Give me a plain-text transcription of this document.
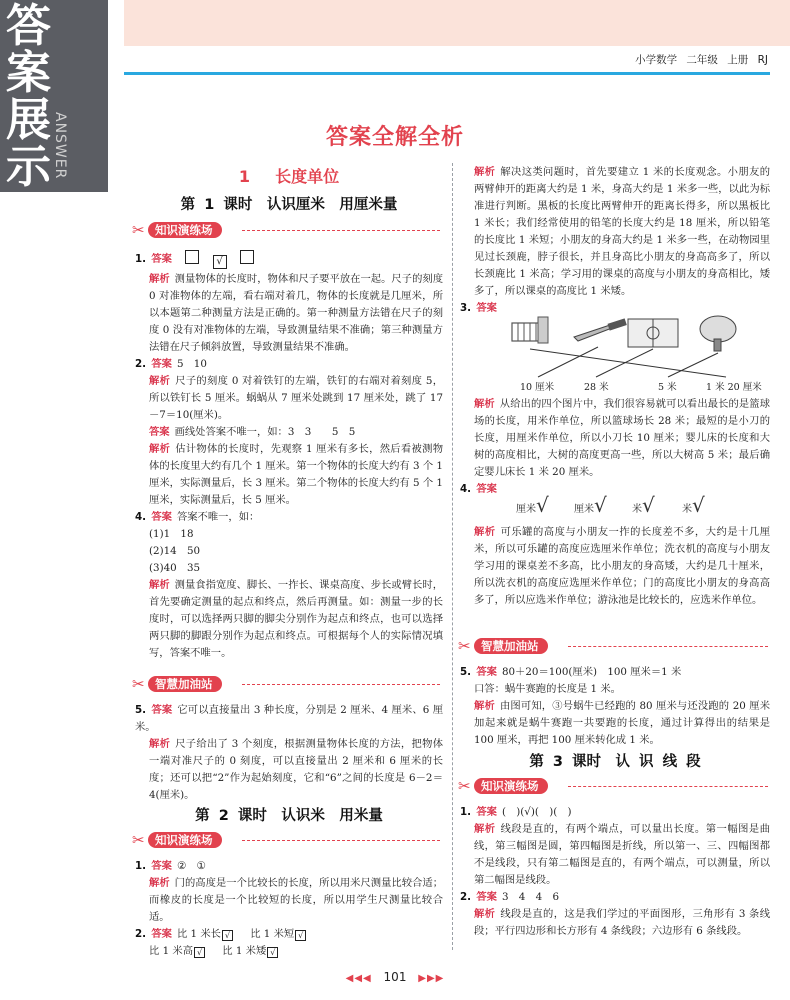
答
案
展
示 ANSWER
小学数学 二年级 上册 RJ
答案全解全析
1 长度单位
第 1 课时　认识厘米　用厘米量
✂ 知识演练场

1. 答案	√

解析 测量物体的长度时，物体和尺子要平放在一起。尺子的刻度 0 对准物体的左端，看右端对着几，物体的长度就是几厘米，所以本题第二种测量方法是正确的。第一种测量方法错在尺子的刻度 0 没有对准物体的左端，导致测量结果不准确；第三种测量方法错在尺子倾斜放置，导致测量结果不准确。

2. 答案 5　10

解析 尺子的刻度 0 对着铁钉的左端，铁钉的右端对着刻度 5，所以铁钉长 5 厘米。蜗蜗从 7 厘米处跳到 17 厘米处，跳了 17－7＝10(厘米)。

答案 画线处答案不唯一，如：3　3　　5　5

解析 估计物体的长度时，先观察 1 厘米有多长，然后看被测物体的长度里大约有几个 1 厘米。第一个物体的长度大约有 3 个 1 厘米，实际测量后，长 3 厘米。第二个物体的长度大约有 5 个 1 厘米，实际测量后，长 5 厘米。

4. 答案 答案不唯一，如：

(1)1　18

(2)14　50

(3)40　35

解析 测量食指宽度、脚长、一拃长、课桌高度、步长或臂长时，首先要确定测量的起点和终点，然后再测量。如：测量一步的长度时，可以选择两只脚的脚尖分别作为起点和终点，也可以选择两只脚的脚跟分别作为起点和终点。可根据每个人的实际情况填写，答案不唯一。

✂ 智慧加油站

5. 答案 它可以直接量出 3 种长度，分别是 2 厘米、4 厘米、6 厘米。

解析 尺子给出了 3 个刻度，根据测量物体长度的方法，把物体一端对准尺子的 0 刻度，可以直接量出 2 厘米和 6 厘米的长度；还可以把“2”作为起始刻度，它和“6”之间的长度是 6－2＝4(厘米)。

第 2 课时　认识米　用米量
✂ 知识演练场

1. 答案 ②　①

解析 门的高度是一个比较长的长度，所以用米尺测量比较合适；而橡皮的长度是一个比较短的长度，所以用学生尺测量比较合适。

2. 答案 比 1 米长 √ 比 1 米短 √

比 1 米高 √ 比 1 米矮 √

解析 解决这类问题时，首先要建立 1 米的长度观念。小朋友的两臂伸开的距离大约是 1 米，身高大约是 1 米多一些，以此为标准进行判断。黑板的长度比两臂伸开的距离长得多，所以黑板比 1 米长；我们经常使用的铅笔的长度大约是 18 厘米，所以铅笔的长度比 1 米短；小朋友的身高大约是 1 米多一些，在动物园里见过长颈鹿，脖子很长，并且身高比小朋友的身高高多了，所以长颈鹿比 1 米高；学习用的课桌的高度与小朋友的身高相比，矮多了，所以课桌的高度比 1 米矮。

3. 答案

10 厘米	28 米	5 米	1 米 20 厘米

解析 从给出的四个图片中，我们很容易就可以看出最长的是篮球场的长度，用米作单位，所以篮球场长 28 米；最短的是小刀的长度，用厘米作单位，所以小刀长 10 厘米；婴儿床的长度和大树的高度相比，大树的高度更高一些，所以大树高 5 米；最后确定婴儿床长 1 米 20 厘米。

4. 答案

厘米√	厘米√	米√	米√

解析 可乐罐的高度与小朋友一拃的长度差不多，大约是十几厘米，所以可乐罐的高度应选厘米作单位；洗衣机的高度与小朋友学习用的课桌差不多高，比小朋友的身高矮，大约是几十厘米，所以洗衣机的高度应选厘米作单位；门的高度比小朋友的身高高多了，所以应选米作单位；游泳池是比较长的，应选米作单位。

✂ 智慧加油站

5. 答案 80＋20＝100(厘米)　100 厘米＝1 米

口答：蜗牛赛跑的长度是 1 米。

解析 由图可知，③号蜗牛已经跑的 80 厘米与还没跑的 20 厘米加起来就是蜗牛赛跑一共要跑的长度，通过计算得出的结果是 100 厘米，再把 100 厘米转化成 1 米。

第 3 课时　认 识 线 段
✂ 知识演练场

1. 答案 (　)(√)(　)(　)

解析 线段是直的，有两个端点，可以量出长度。第一幅图是曲线，第三幅图是圆，第四幅图是折线，所以第一、三、四幅图都不是线段，只有第二幅图是直的，有两个端点，可以测量，所以第二幅图是线段。

2. 答案 3　4　4　6

解析 线段是直的，这是我们学过的平面图形，三角形有 3 条线段；平行四边形和长方形有 4 条线段；六边形有 6 条线段。

◀◀◀ 101 ▶▶▶
